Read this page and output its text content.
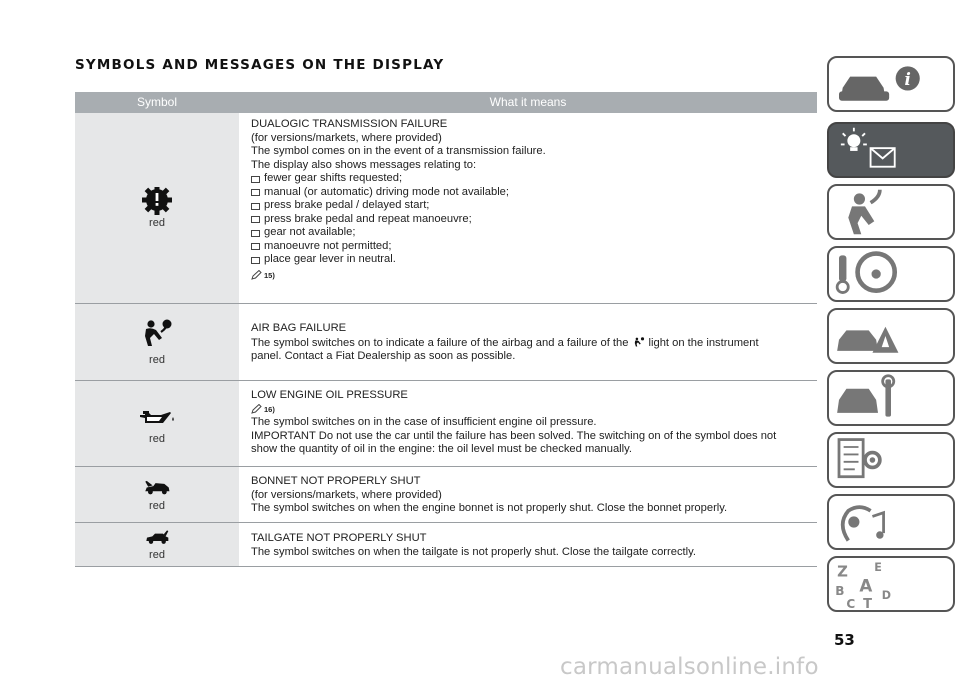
SYMBOLS AND MESSAGES ON THE DISPLAY
Symbol	What it means
red

DUALOGIC TRANSMISSION FAILURE

(for versions/markets, where provided)

The symbol comes on in the event of a transmission failure.

The display also shows messages relating to:

fewer gear shifts requested;
manual (or automatic) driving mode not available;
press brake pedal / delayed start;
press brake pedal and repeat manoeuvre;
gear not available;
manoeuvre not permitted;
place gear lever in neutral.
15)
red

AIR BAG FAILURE

The symbol switches on to indicate a failure of the airbag and a failure of the light on the instrument

panel. Contact a Fiat Dealership as soon as possible.

red

LOW ENGINE OIL PRESSURE

16)

The symbol switches on in the case of insufficient engine oil pressure.

IMPORTANT Do not use the car until the failure has been solved. The switching on of the symbol does not

show the quantity of oil in the engine: the oil level must be checked manually.

red

BONNET NOT PROPERLY SHUT

(for versions/markets, where provided)

The symbol switches on when the engine bonnet is not properly shut. Close the bonnet properly.

red

TAILGATE NOT PROPERLY SHUT

The symbol switches on when the tailgate is not properly shut. Close the tailgate correctly.

i
Z E
B A
C T
D
53
carmanualsonline.info
